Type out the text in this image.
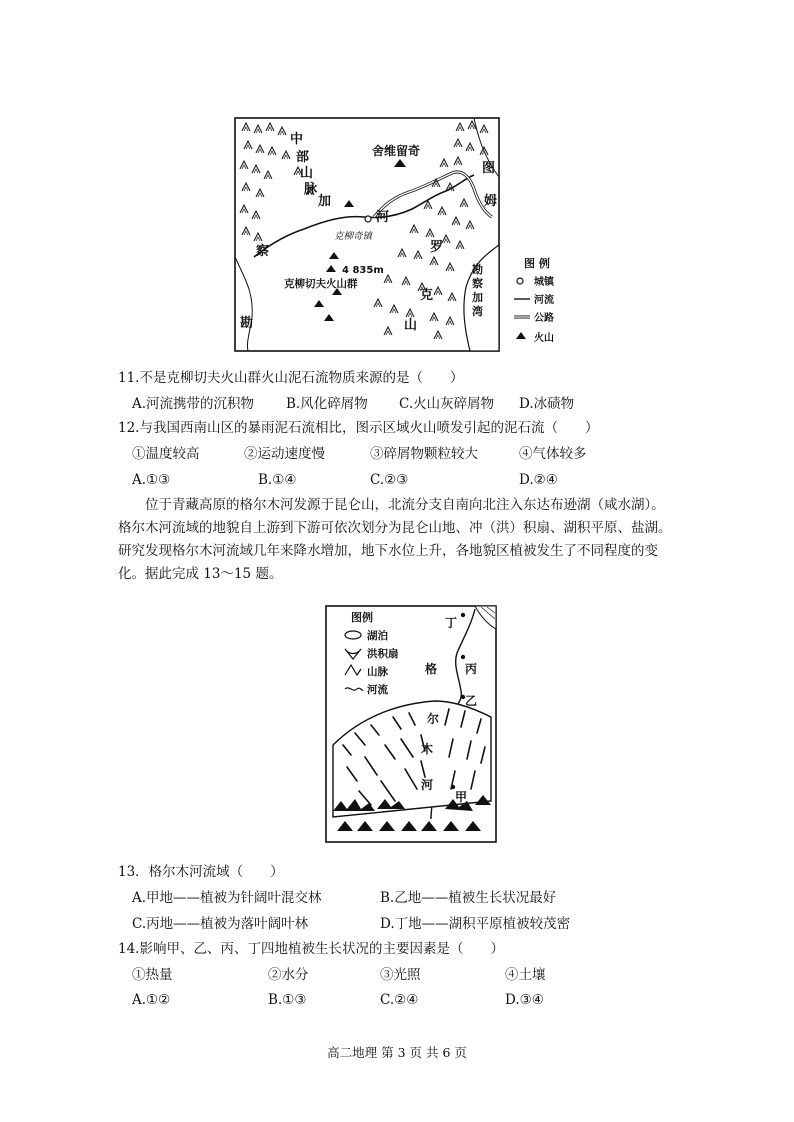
舍维留奇
中
部
山
脉
图
姆
加
河
克柳奇镇
察	罗
4 835m
克柳切夫火山群
克
山
勘
勘
察
加
湾
图 例
城镇
河流
公路
火山
11.不是克柳切夫火山群火山泥石流物质来源的是（　　）
A.河流携带的沉积物 B.风化碎屑物 C.火山灰碎屑物 D.冰碛物
12.与我国西南山区的暴雨泥石流相比，图示区域火山喷发引起的泥石流（　　）
①温度较高	②运动速度慢	③碎屑物颗粒较大	④气体较多
A.①③	B.①④	C.②③	D.②④

　　位于青藏高原的格尔木河发源于昆仑山，北流分支自南向北注入东达布逊湖（咸水湖）。

格尔木河流域的地貌自上游到下游可依次划分为昆仑山地、冲（洪）积扇、湖积平原、盐湖。

研究发现格尔木河流域几年来降水增加，地下水位上升，各地貌区植被发生了不同程度的变

化。据此完成 13～15 题。

丁
丙
乙
甲
格
尔
木
河
图例
湖泊
洪积扇
山脉
河流
13．格尔木河流域（　　）
A.甲地——植被为针阔叶混交林	B.乙地——植被生长状况最好
C.丙地——植被为落叶阔叶林	D.丁地——湖积平原植被较茂密
14.影响甲、乙、丙、丁四地植被生长状况的主要因素是（　　）
①热量	②水分	③光照	④土壤
A.①②	B.①③	C.②④	D.③④
高二地理 第 3 页 共 6 页
